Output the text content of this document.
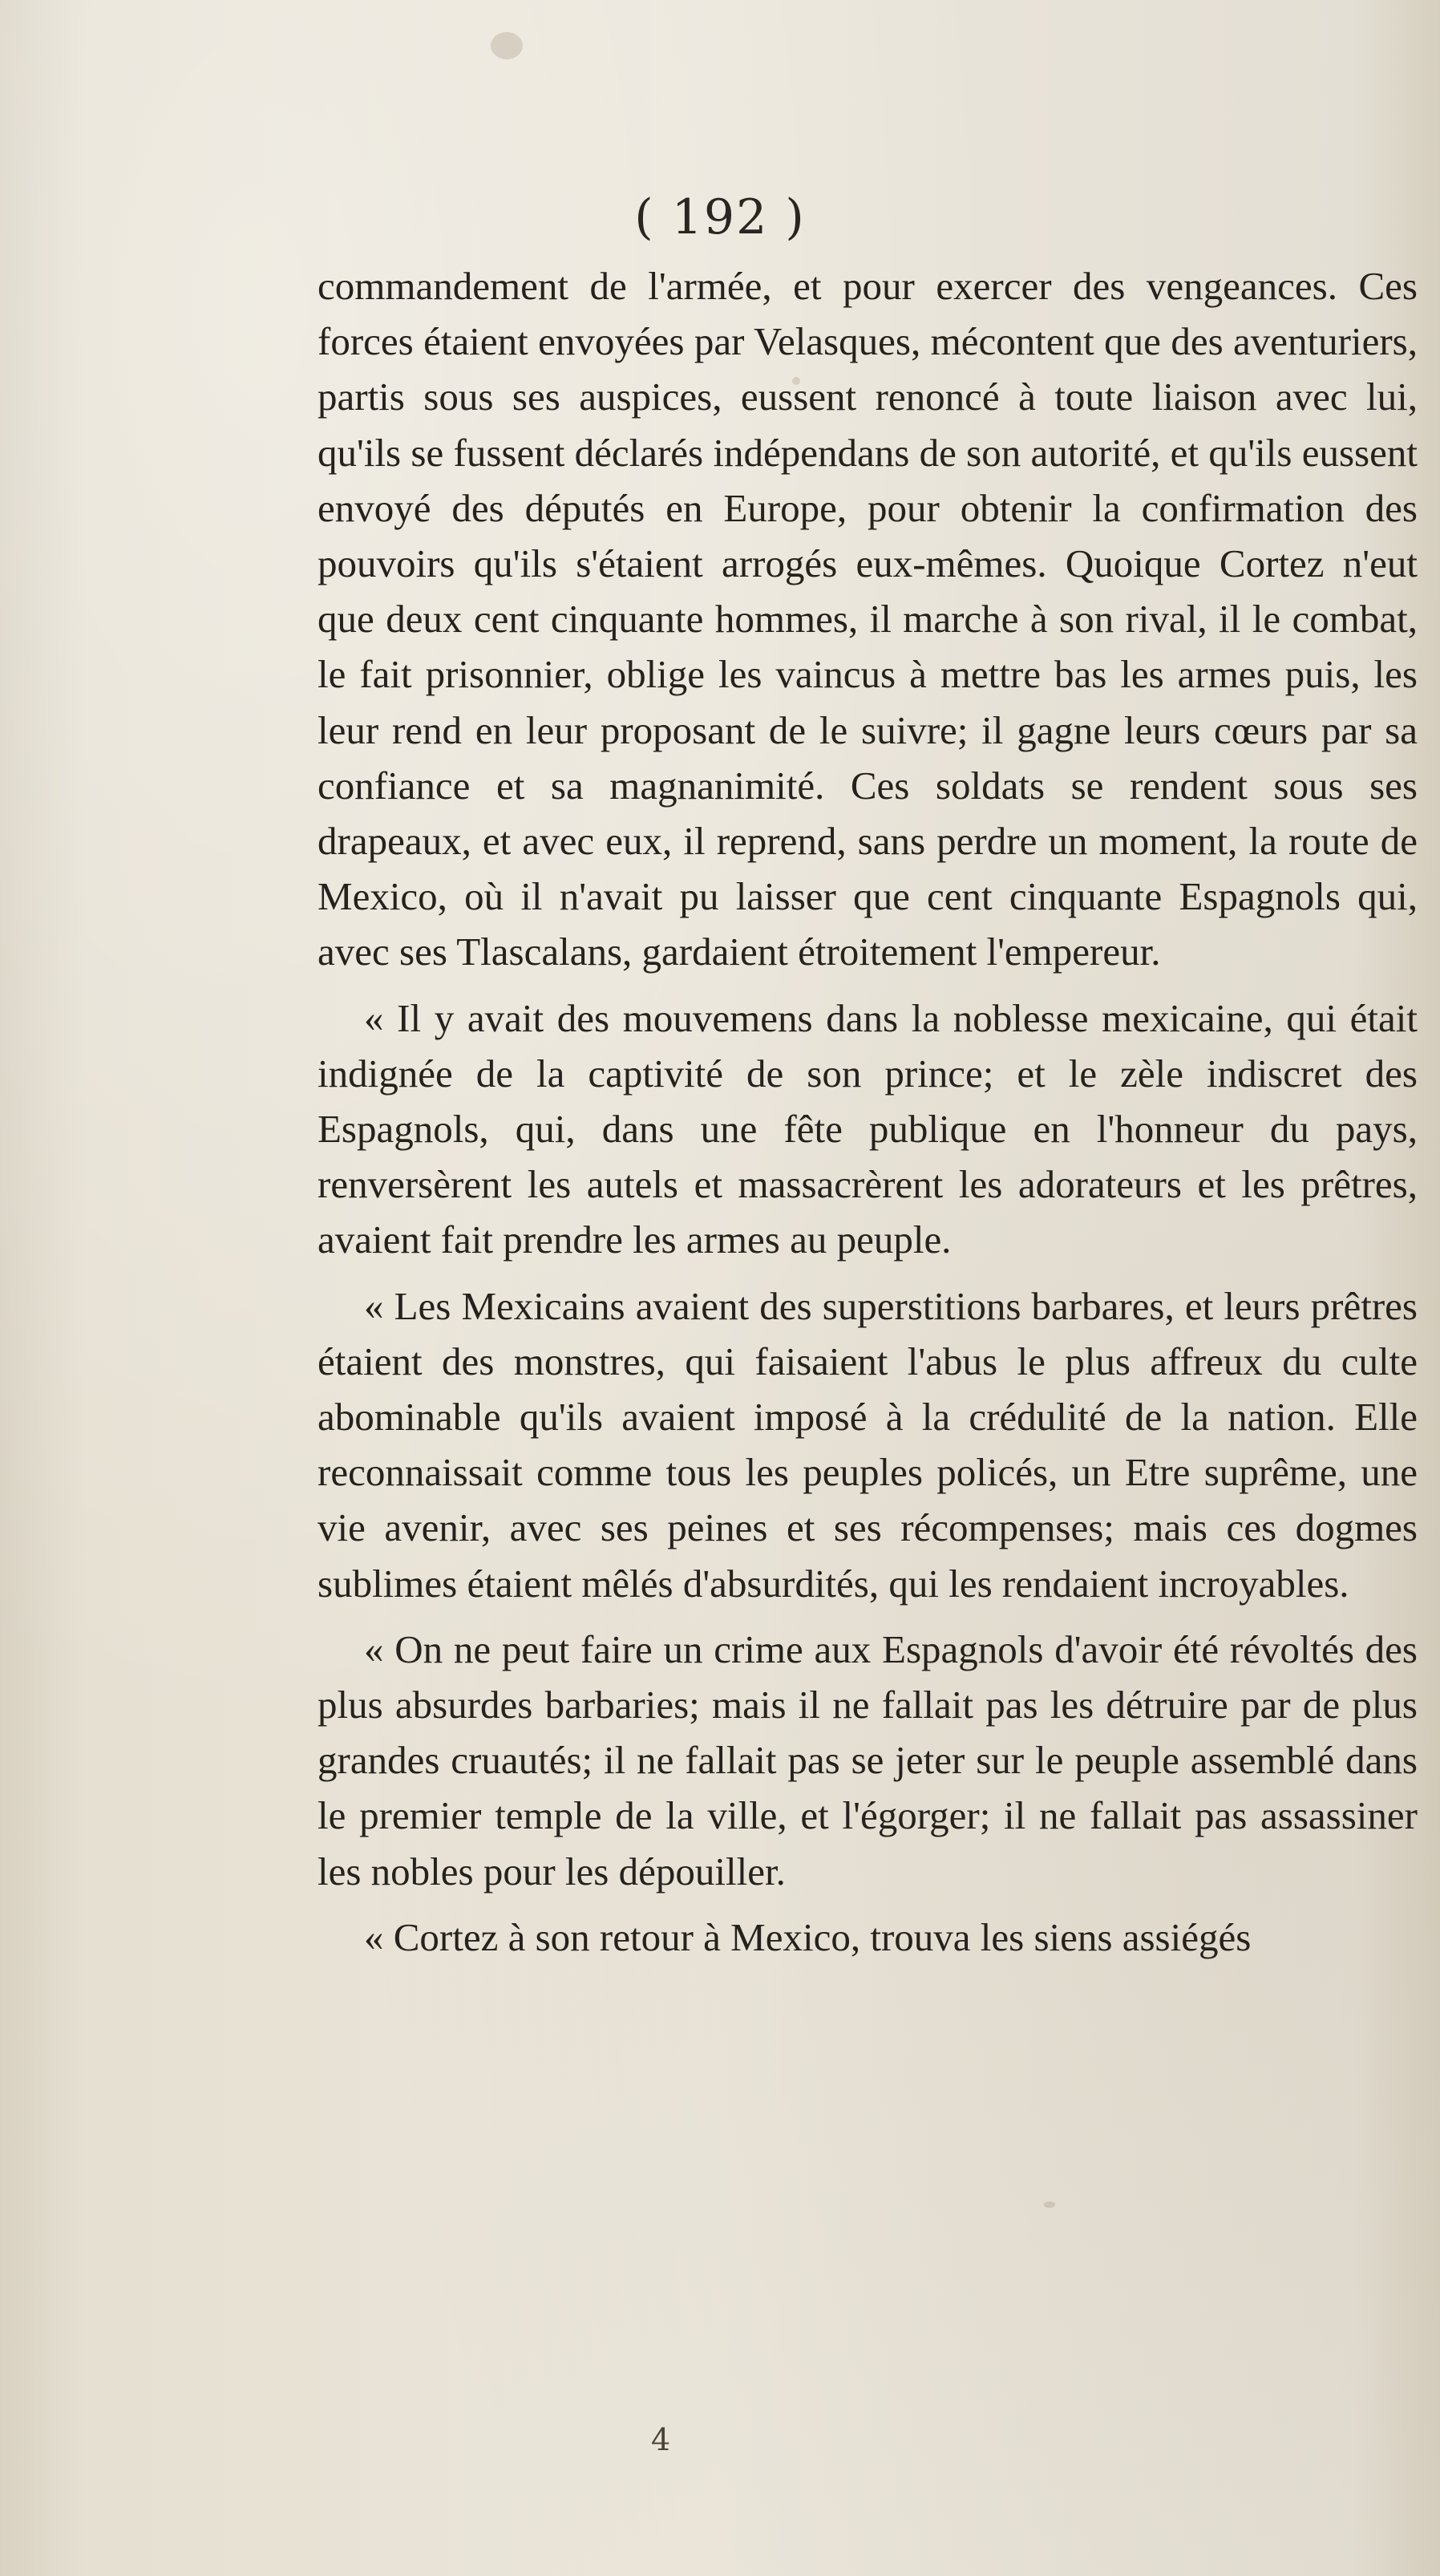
( 192 )

commandement de l'armée, et pour exercer des vengeances. Ces forces étaient envoyées par Velasques, mécontent que des aventuriers, partis sous ses auspices, eussent renoncé à toute liaison avec lui, qu'ils se fussent déclarés indépendans de son autorité, et qu'ils eussent envoyé des députés en Europe, pour obtenir la confirmation des pouvoirs qu'ils s'étaient arrogés eux-mêmes. Quoique Cortez n'eut que deux cent cinquante hommes, il marche à son rival, il le combat, le fait prisonnier, oblige les vaincus à mettre bas les armes puis, les leur rend en leur proposant de le suivre; il gagne leurs cœurs par sa confiance et sa magnanimité. Ces soldats se rendent sous ses drapeaux, et avec eux, il reprend, sans perdre un moment, la route de Mexico, où il n'avait pu laisser que cent cinquante Espagnols qui, avec ses Tlascalans, gardaient étroitement l'empereur.

« Il y avait des mouvemens dans la noblesse mexicaine, qui était indignée de la captivité de son prince; et le zèle indiscret des Espagnols, qui, dans une fête publique en l'honneur du pays, renversèrent les autels et massacrèrent les adorateurs et les prêtres, avaient fait prendre les armes au peuple.

« Les Mexicains avaient des superstitions barbares, et leurs prêtres étaient des monstres, qui faisaient l'abus le plus affreux du culte abominable qu'ils avaient imposé à la crédulité de la nation. Elle reconnaissait comme tous les peuples policés, un Etre suprême, une vie avenir, avec ses peines et ses récompenses; mais ces dogmes sublimes étaient mêlés d'absurdités, qui les rendaient incroyables.

« On ne peut faire un crime aux Espagnols d'avoir été révoltés des plus absurdes barbaries; mais il ne fallait pas les détruire par de plus grandes cruautés; il ne fallait pas se jeter sur le peuple assemblé dans le premier temple de la ville, et l'égorger; il ne fallait pas assassiner les nobles pour les dépouiller.

« Cortez à son retour à Mexico, trouva les siens assiégés

4
